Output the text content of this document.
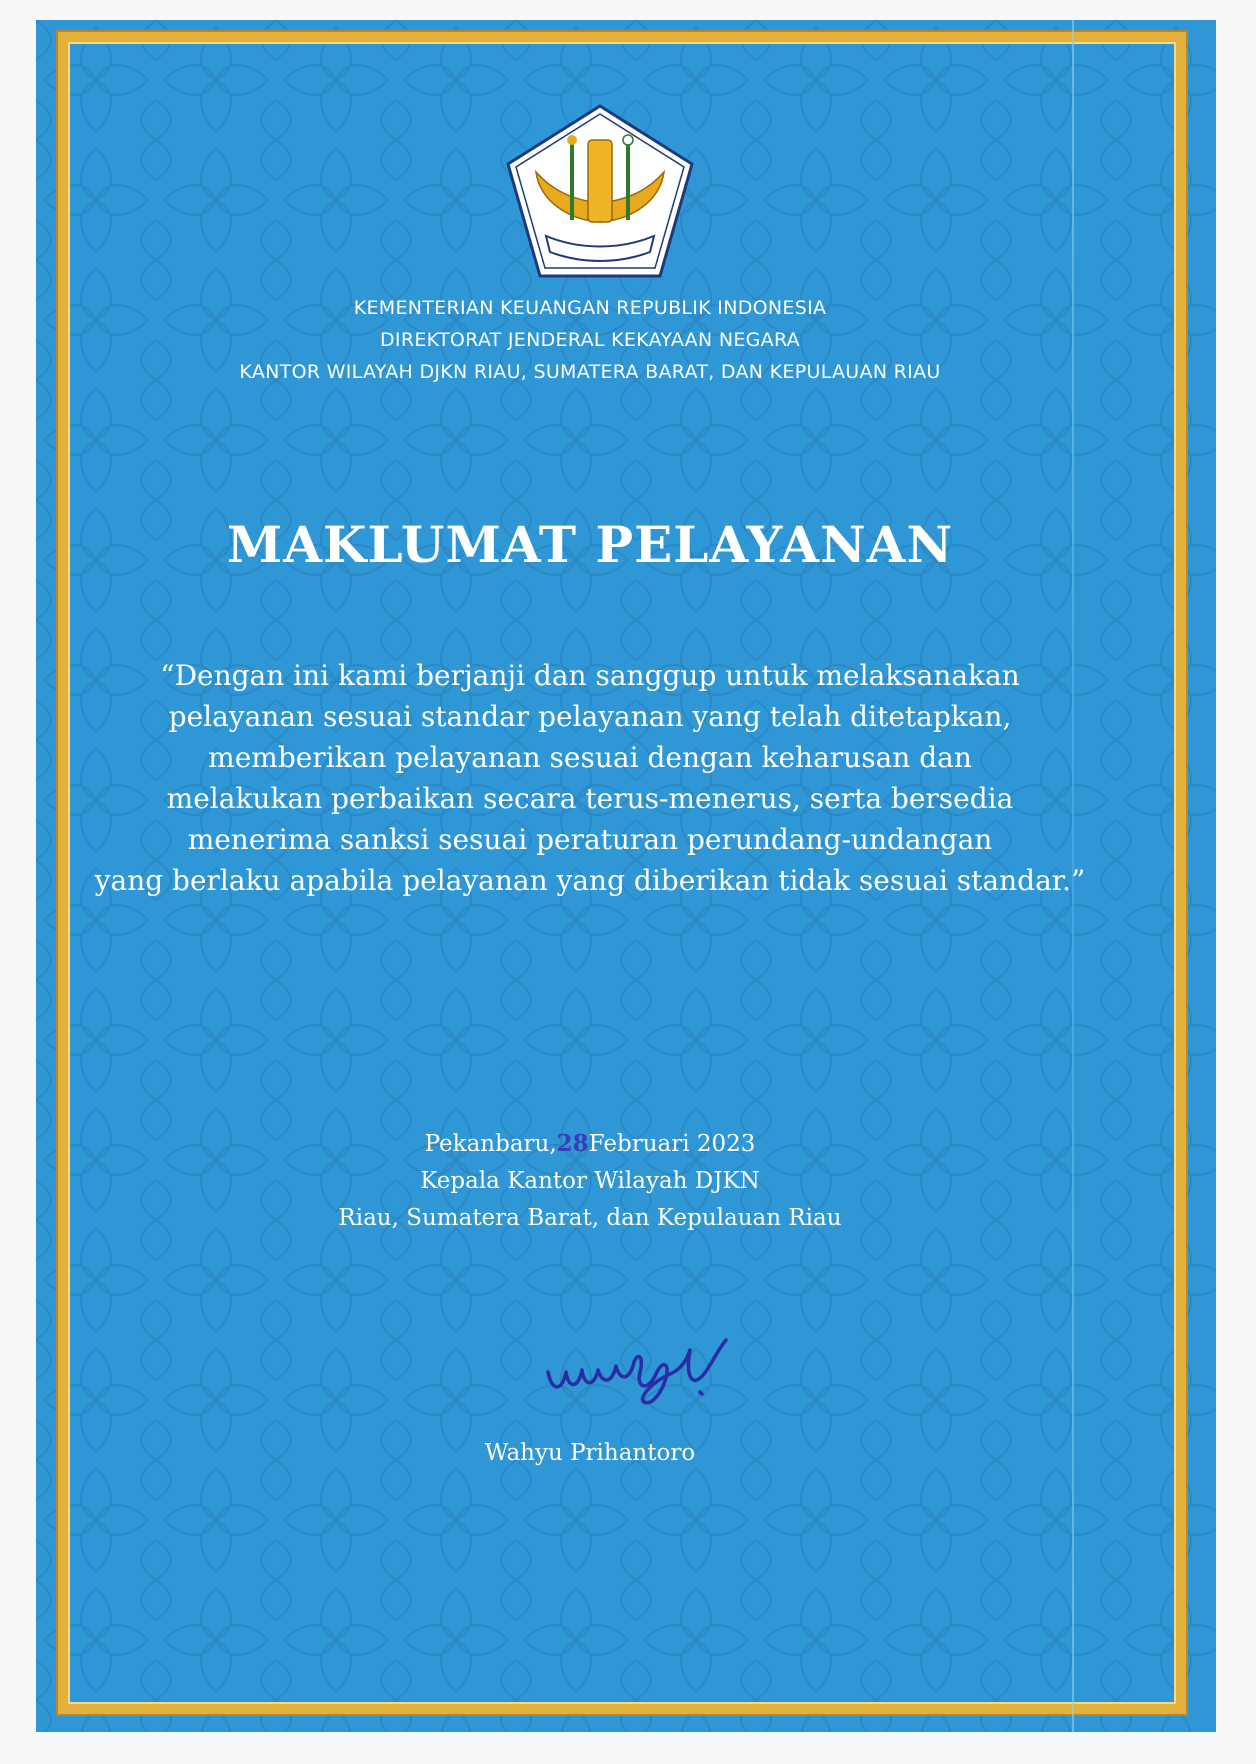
KEMENTERIAN KEUANGAN REPUBLIK INDONESIA
DIREKTORAT JENDERAL KEKAYAAN NEGARA
KANTOR WILAYAH DJKN RIAU, SUMATERA BARAT, DAN KEPULAUAN RIAU
MAKLUMAT PELAYANAN
“Dengan ini kami berjanji dan sanggup untuk melaksanakan
pelayanan sesuai standar pelayanan yang telah ditetapkan,
memberikan pelayanan sesuai dengan keharusan dan
melakukan perbaikan secara terus-menerus, serta bersedia
menerima sanksi sesuai peraturan perundang-undangan
yang berlaku apabila pelayanan yang diberikan tidak sesuai standar.”
Pekanbaru,28Februari 2023
Kepala Kantor Wilayah DJKN
Riau, Sumatera Barat, dan Kepulauan Riau
Wahyu Prihantoro
